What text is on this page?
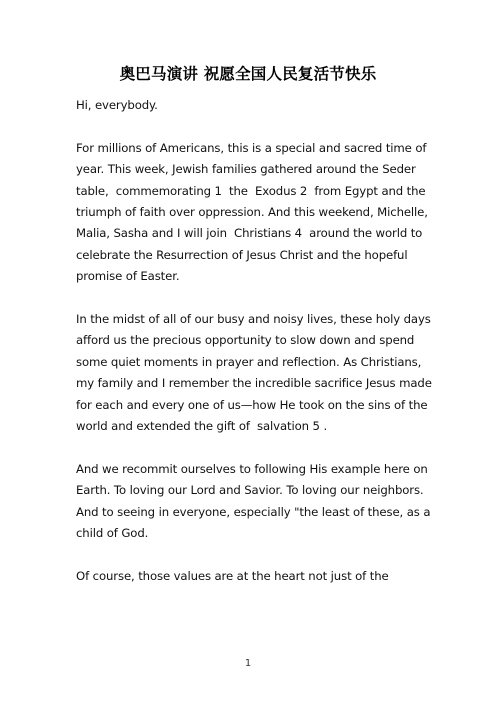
奥巴马演讲 祝愿全国人民复活节快乐

Hi, everybody.

For millions of Americans, this is a special and sacred time of
year. This week, Jewish families gathered around the Seder
table,  commemorating 1  the  Exodus 2  from Egypt and the
triumph of faith over oppression. And this weekend, Michelle,
Malia, Sasha and I will join  Christians 4  around the world to
celebrate the Resurrection of Jesus Christ and the hopeful
promise of Easter.

In the midst of all of our busy and noisy lives, these holy days
afford us the precious opportunity to slow down and spend
some quiet moments in prayer and reflection. As Christians,
my family and I remember the incredible sacrifice Jesus made
for each and every one of us—how He took on the sins of the
world and extended the gift of  salvation 5 .

And we recommit ourselves to following His example here on
Earth. To loving our Lord and Savior. To loving our neighbors.
And to seeing in everyone, especially "the least of these, as a
child of God.

Of course, those values are at the heart not just of the

1
